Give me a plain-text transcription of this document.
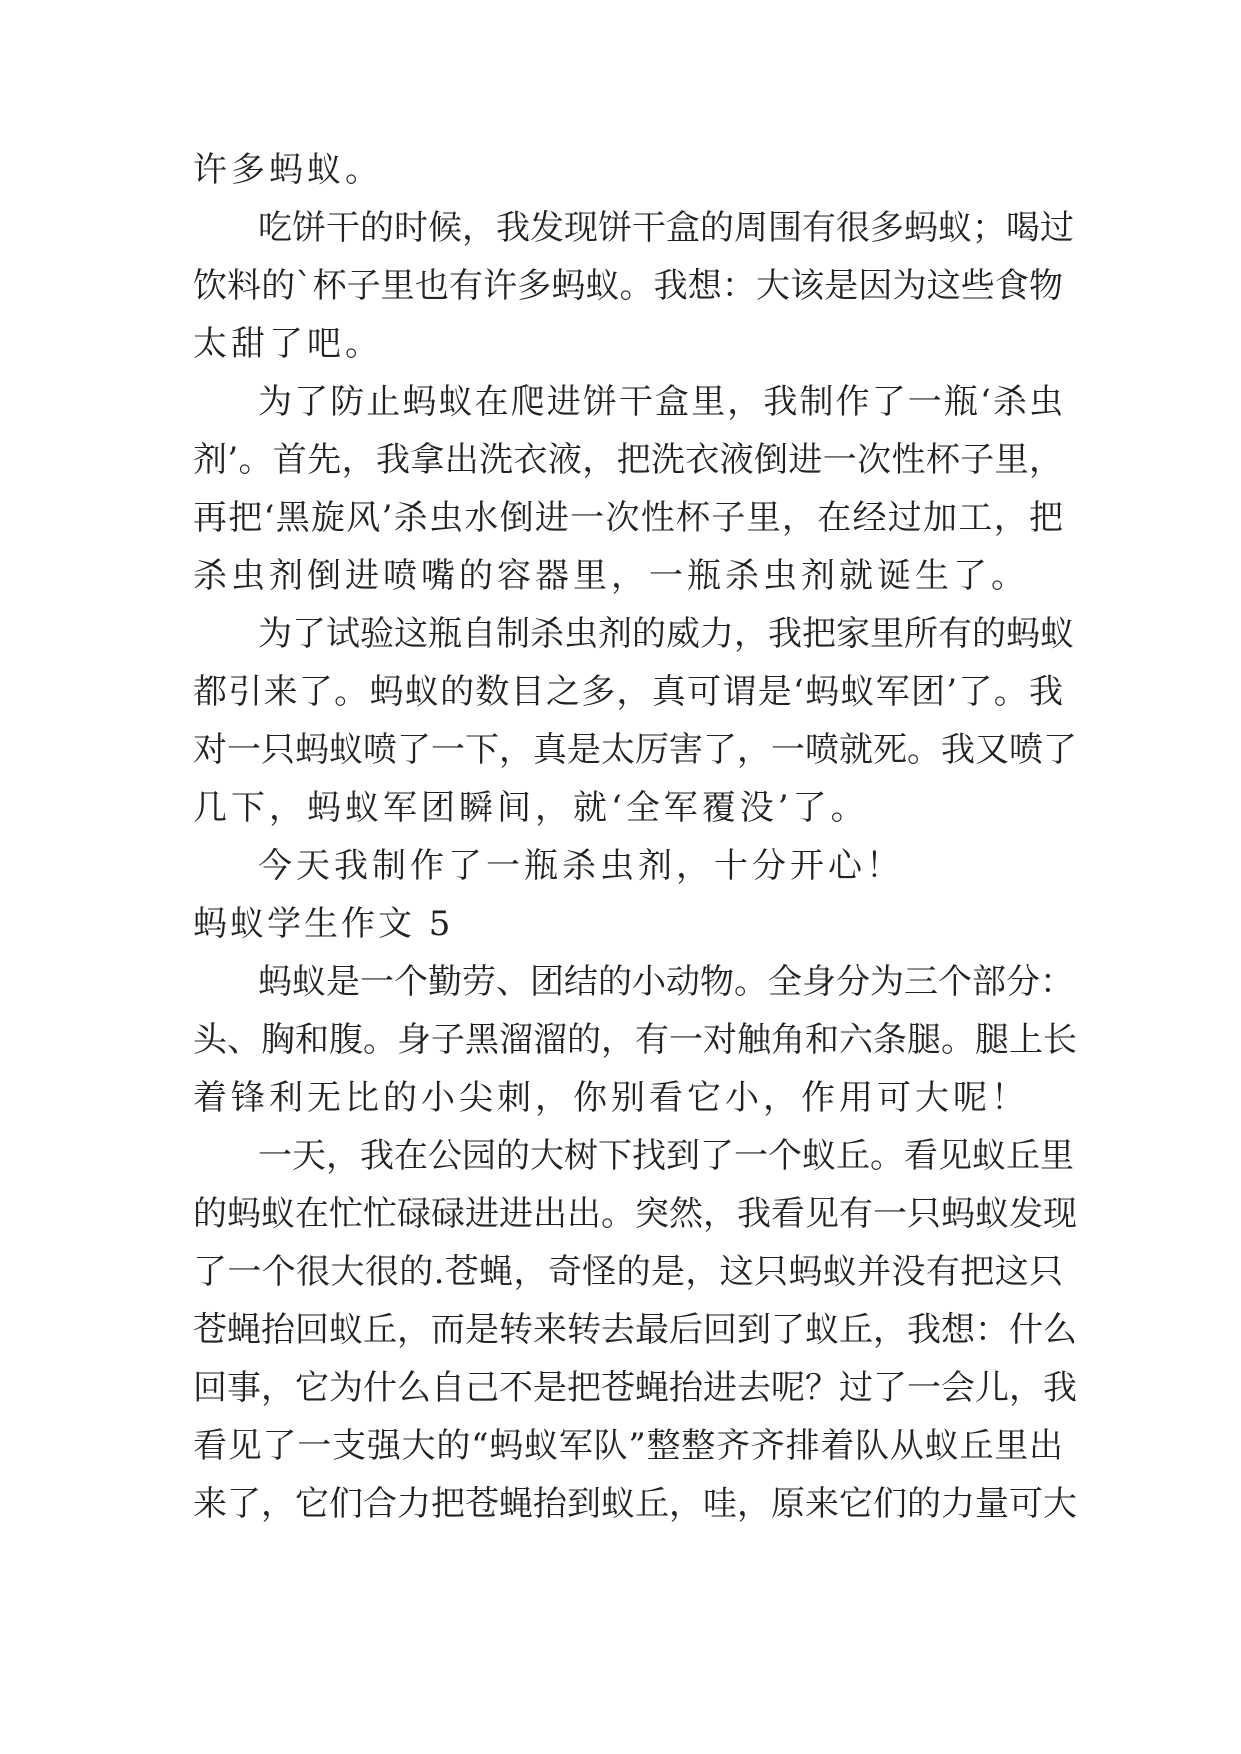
许多蚂蚁。
吃饼干的时候，我发现饼干盒的周围有很多蚂蚁；喝过
饮料的`杯子里也有许多蚂蚁。我想：大该是因为这些食物
太甜了吧。
为了防止蚂蚁在爬进饼干盒里，我制作了一瓶‘杀虫
剂’。首先，我拿出洗衣液，把洗衣液倒进一次性杯子里，
再把‘黑旋风’杀虫水倒进一次性杯子里，在经过加工，把
杀虫剂倒进喷嘴的容器里，一瓶杀虫剂就诞生了。
为了试验这瓶自制杀虫剂的威力，我把家里所有的蚂蚁
都引来了。蚂蚁的数目之多，真可谓是‘蚂蚁军团’了。我
对一只蚂蚁喷了一下，真是太厉害了，一喷就死。我又喷了
几下，蚂蚁军团瞬间，就‘全军覆没’了。
今天我制作了一瓶杀虫剂，十分开心！
蚂蚁学生作文 5
蚂蚁是一个勤劳、团结的小动物。全身分为三个部分：
头、胸和腹。身子黑溜溜的，有一对触角和六条腿。腿上长
着锋利无比的小尖刺，你别看它小，作用可大呢！
一天，我在公园的大树下找到了一个蚁丘。看见蚁丘里
的蚂蚁在忙忙碌碌进进出出。突然，我看见有一只蚂蚁发现
了一个很大很的.苍蝇，奇怪的是，这只蚂蚁并没有把这只
苍蝇抬回蚁丘，而是转来转去最后回到了蚁丘，我想：什么
回事，它为什么自己不是把苍蝇抬进去呢？过了一会儿，我
看见了一支强大的“蚂蚁军队”整整齐齐排着队从蚁丘里出
来了，它们合力把苍蝇抬到蚁丘，哇，原来它们的力量可大
